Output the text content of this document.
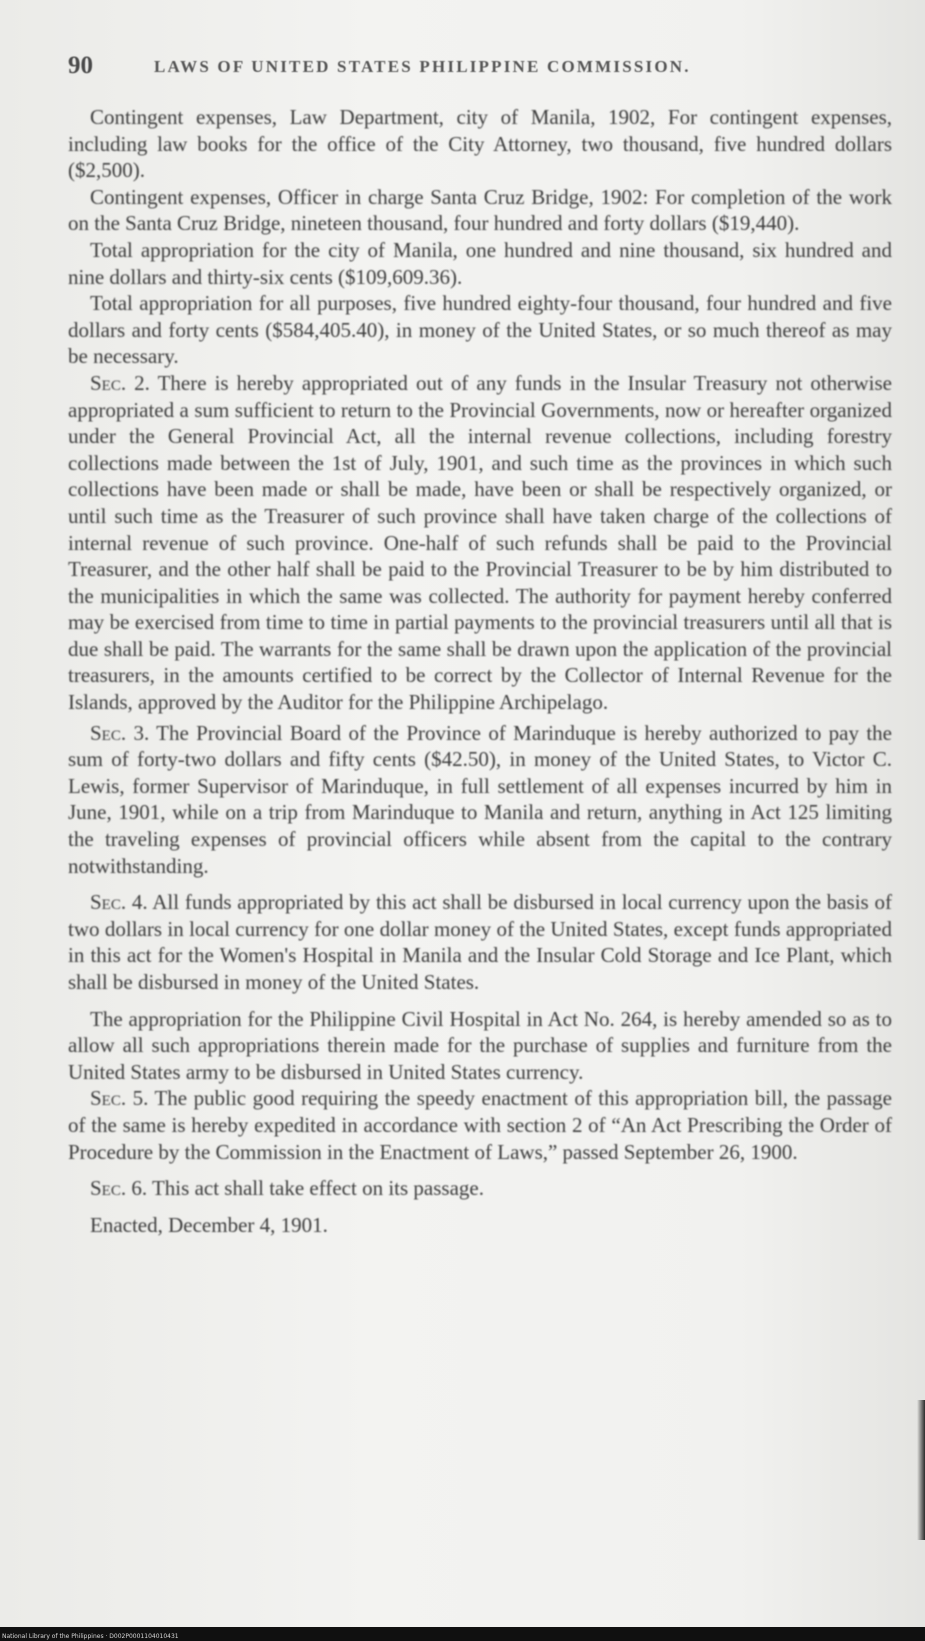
90	LAWS OF UNITED STATES PHILIPPINE COMMISSION.

Contingent expenses, Law Department, city of Manila, 1902, For contingent expenses, including law books for the office of the City Attorney, two thousand, five hundred dollars ($2,500).

Contingent expenses, Officer in charge Santa Cruz Bridge, 1902: For completion of the work on the Santa Cruz Bridge, nineteen thousand, four hundred and forty dollars ($19,440).

Total appropriation for the city of Manila, one hundred and nine thousand, six hundred and nine dollars and thirty-six cents ($109,609.36).

Total appropriation for all purposes, five hundred eighty-four thousand, four hundred and five dollars and forty cents ($584,405.40), in money of the United States, or so much thereof as may be necessary.

Sec. 2. There is hereby appropriated out of any funds in the Insular Treasury not otherwise appropriated a sum sufficient to return to the Provincial Governments, now or hereafter organized under the General Provincial Act, all the internal revenue collections, including forestry collections made between the 1st of July, 1901, and such time as the provinces in which such collections have been made or shall be made, have been or shall be respectively organized, or until such time as the Treasurer of such province shall have taken charge of the collections of internal revenue of such province. One-half of such refunds shall be paid to the Provincial Treasurer, and the other half shall be paid to the Provincial Treasurer to be by him distributed to the municipalities in which the same was collected. The authority for payment hereby conferred may be exercised from time to time in partial payments to the provincial treasurers until all that is due shall be paid. The warrants for the same shall be drawn upon the application of the provincial treasurers, in the amounts certified to be correct by the Collector of Internal Revenue for the Islands, approved by the Auditor for the Philippine Archipelago.

Sec. 3. The Provincial Board of the Province of Marinduque is hereby authorized to pay the sum of forty-two dollars and fifty cents ($42.50), in money of the United States, to Victor C. Lewis, former Supervisor of Marinduque, in full settlement of all expenses incurred by him in June, 1901, while on a trip from Marinduque to Manila and return, anything in Act 125 limiting the traveling expenses of provincial officers while absent from the capital to the contrary notwithstanding.

Sec. 4. All funds appropriated by this act shall be disbursed in local currency upon the basis of two dollars in local currency for one dollar money of the United States, except funds appropriated in this act for the Women's Hospital in Manila and the Insular Cold Storage and Ice Plant, which shall be disbursed in money of the United States.

The appropriation for the Philippine Civil Hospital in Act No. 264, is hereby amended so as to allow all such appropriations therein made for the purchase of supplies and furniture from the United States army to be disbursed in United States currency.

Sec. 5. The public good requiring the speedy enactment of this appropriation bill, the passage of the same is hereby expedited in accordance with section 2 of “An Act Prescribing the Order of Procedure by the Commission in the Enactment of Laws,” passed September 26, 1900.

Sec. 6. This act shall take effect on its passage.

Enacted, December 4, 1901.

National Library of the Philippines · D002P0001104010431
